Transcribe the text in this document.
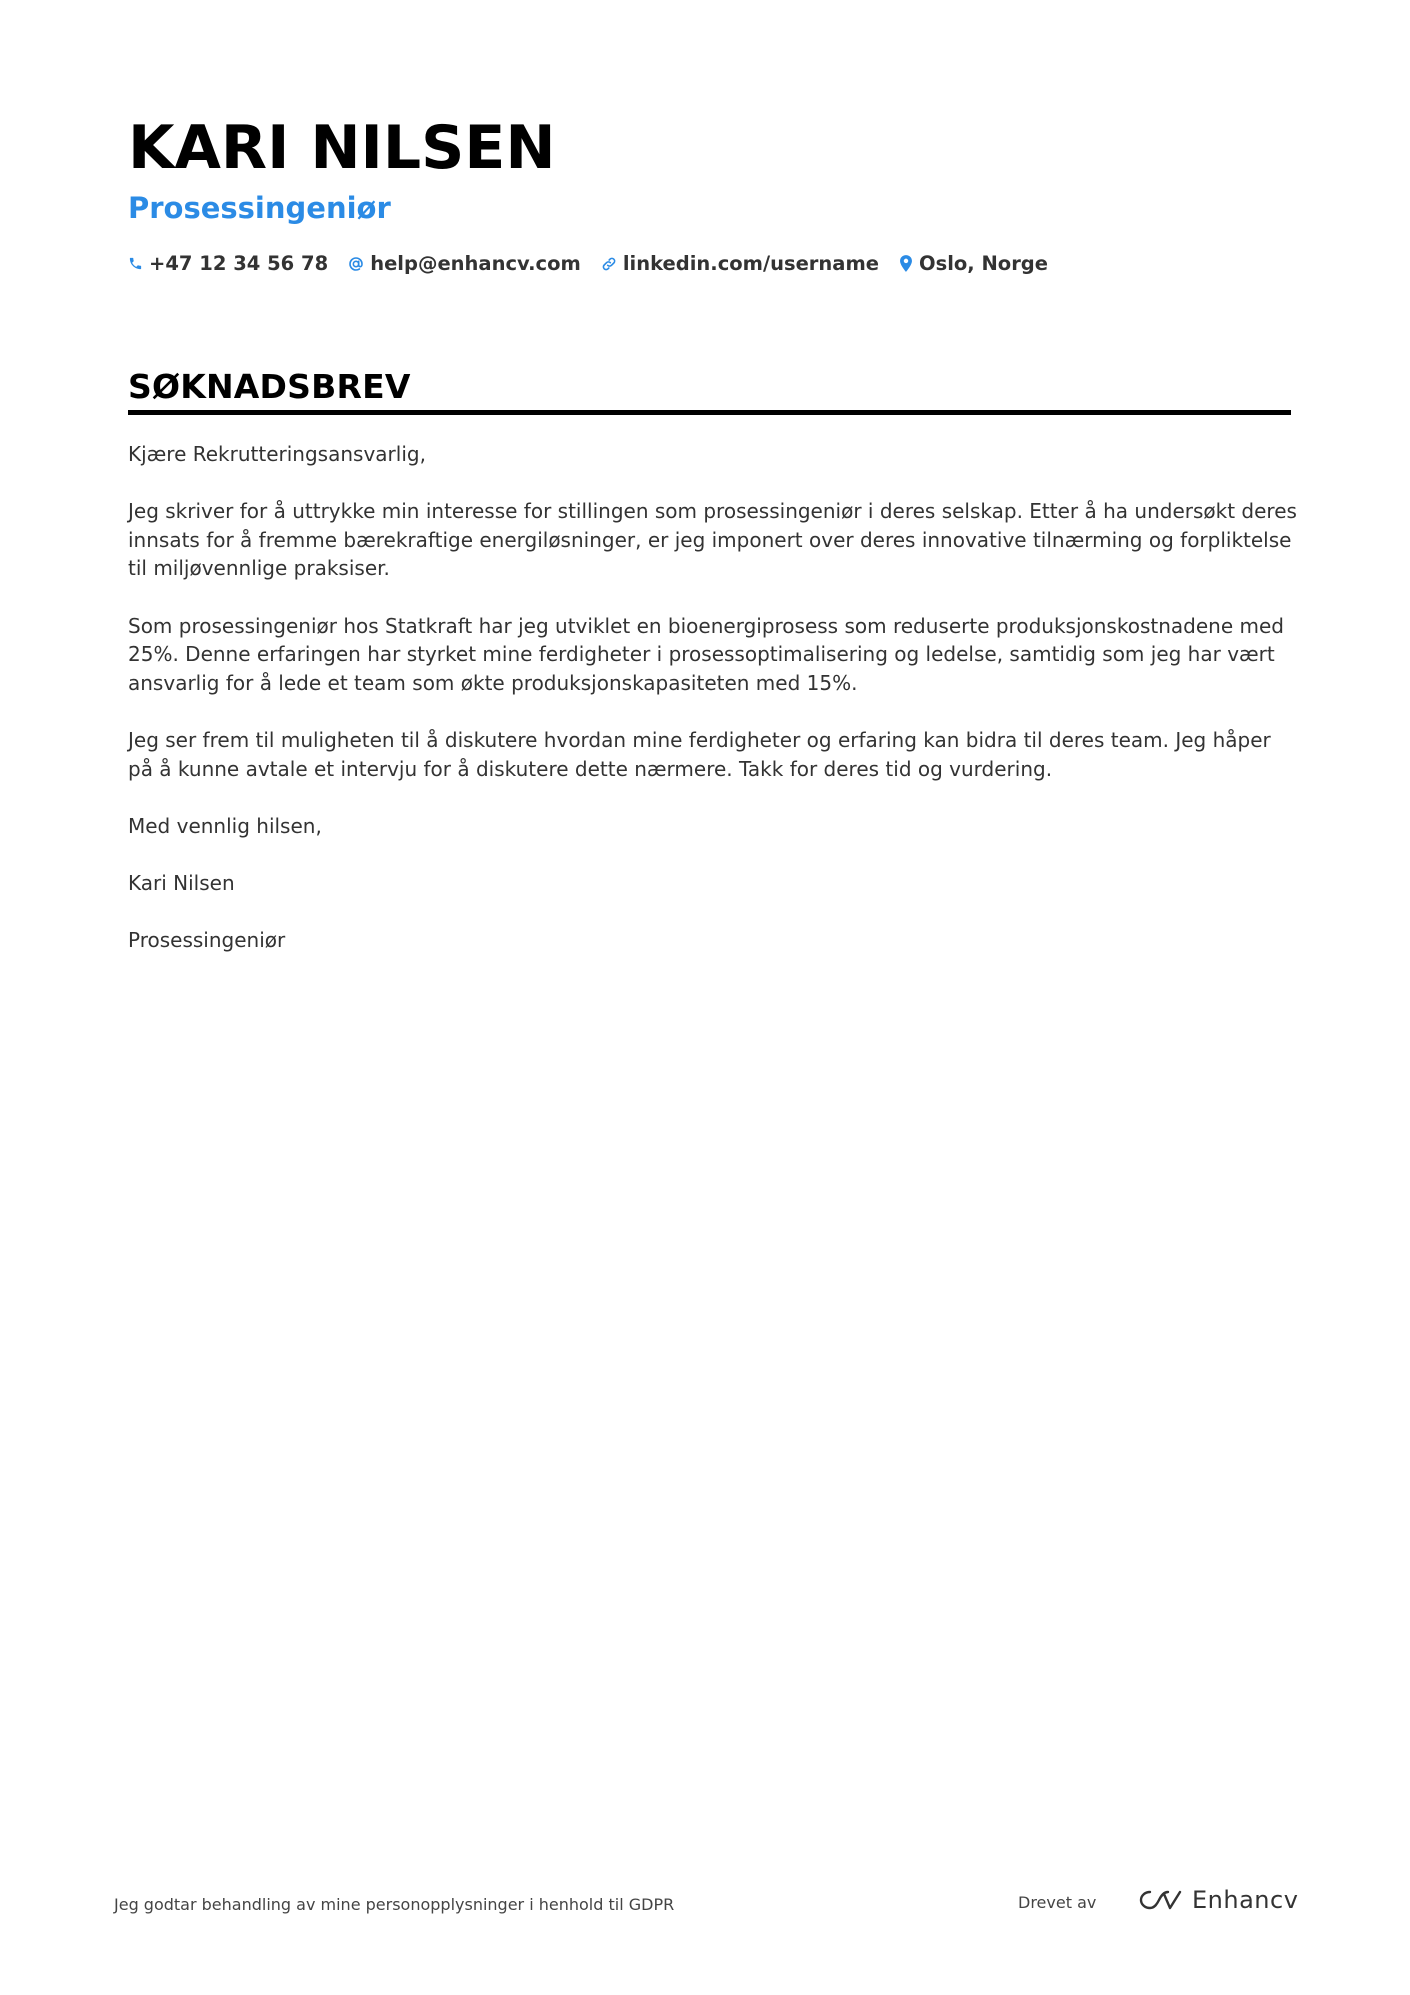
KARI NILSEN
Prosessingeniør
+47 12 34 56 78 help@enhancv.com linkedin.com/username Oslo, Norge
SØKNADSBREV

Kjære Rekrutteringsansvarlig,

Jeg skriver for å uttrykke min interesse for stillingen som prosessingeniør i deres selskap. Etter å ha undersøkt deres innsats for å fremme bærekraftige energiløsninger, er jeg imponert over deres innovative tilnærming og forpliktelse til miljøvennlige praksiser.

Som prosessingeniør hos Statkraft har jeg utviklet en bioenergiprosess som reduserte produksjonskostnadene med 25%. Denne erfaringen har styrket mine ferdigheter i prosessoptimalisering og ledelse, samtidig som jeg har vært ansvarlig for å lede et team som økte produksjonskapasiteten med 15%.

Jeg ser frem til muligheten til å diskutere hvordan mine ferdigheter og erfaring kan bidra til deres team. Jeg håper på å kunne avtale et intervju for å diskutere dette nærmere. Takk for deres tid og vurdering.

Med vennlig hilsen,

Kari Nilsen

Prosessingeniør

Jeg godtar behandling av mine personopplysninger i henhold til GDPR	Drevet av	Enhancv
